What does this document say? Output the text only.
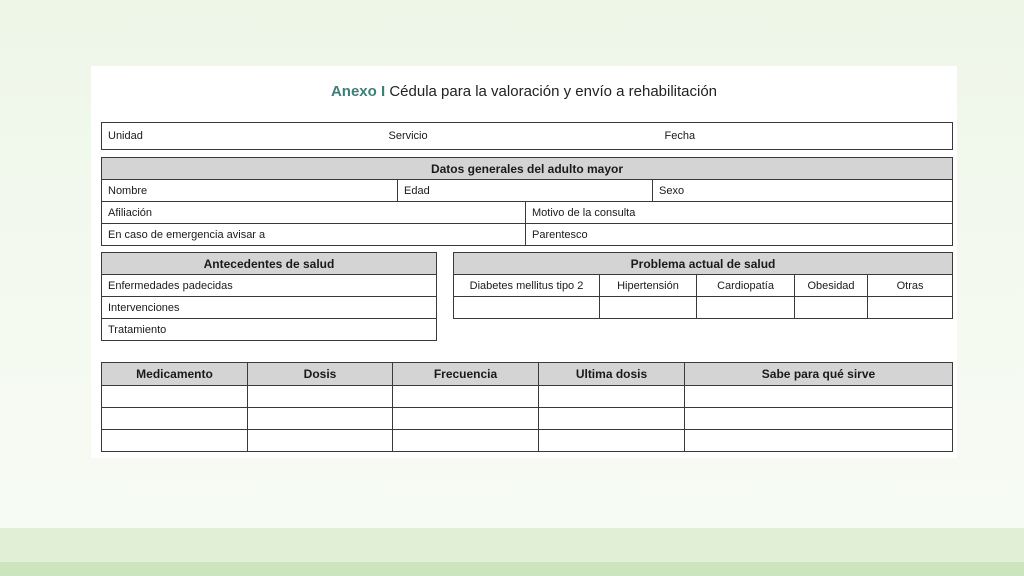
Anexo I Cédula para la valoración y envío a rehabilitación
Unidad	Servicio	Fecha
Datos generales del adulto mayor			
Nombre	Edad		Sexo
Afiliación		Motivo de la consulta	
En caso de emergencia avisar a		Parentesco	
Antecedentes de salud
Enfermedades padecidas
Intervenciones
Tratamiento
Problema actual de salud				
Diabetes mellitus tipo 2	Hipertensión	Cardiopatía	Obesidad	Otras

Medicamento	Dosis	Frecuencia	Ultima dosis	Sabe para qué sirve
